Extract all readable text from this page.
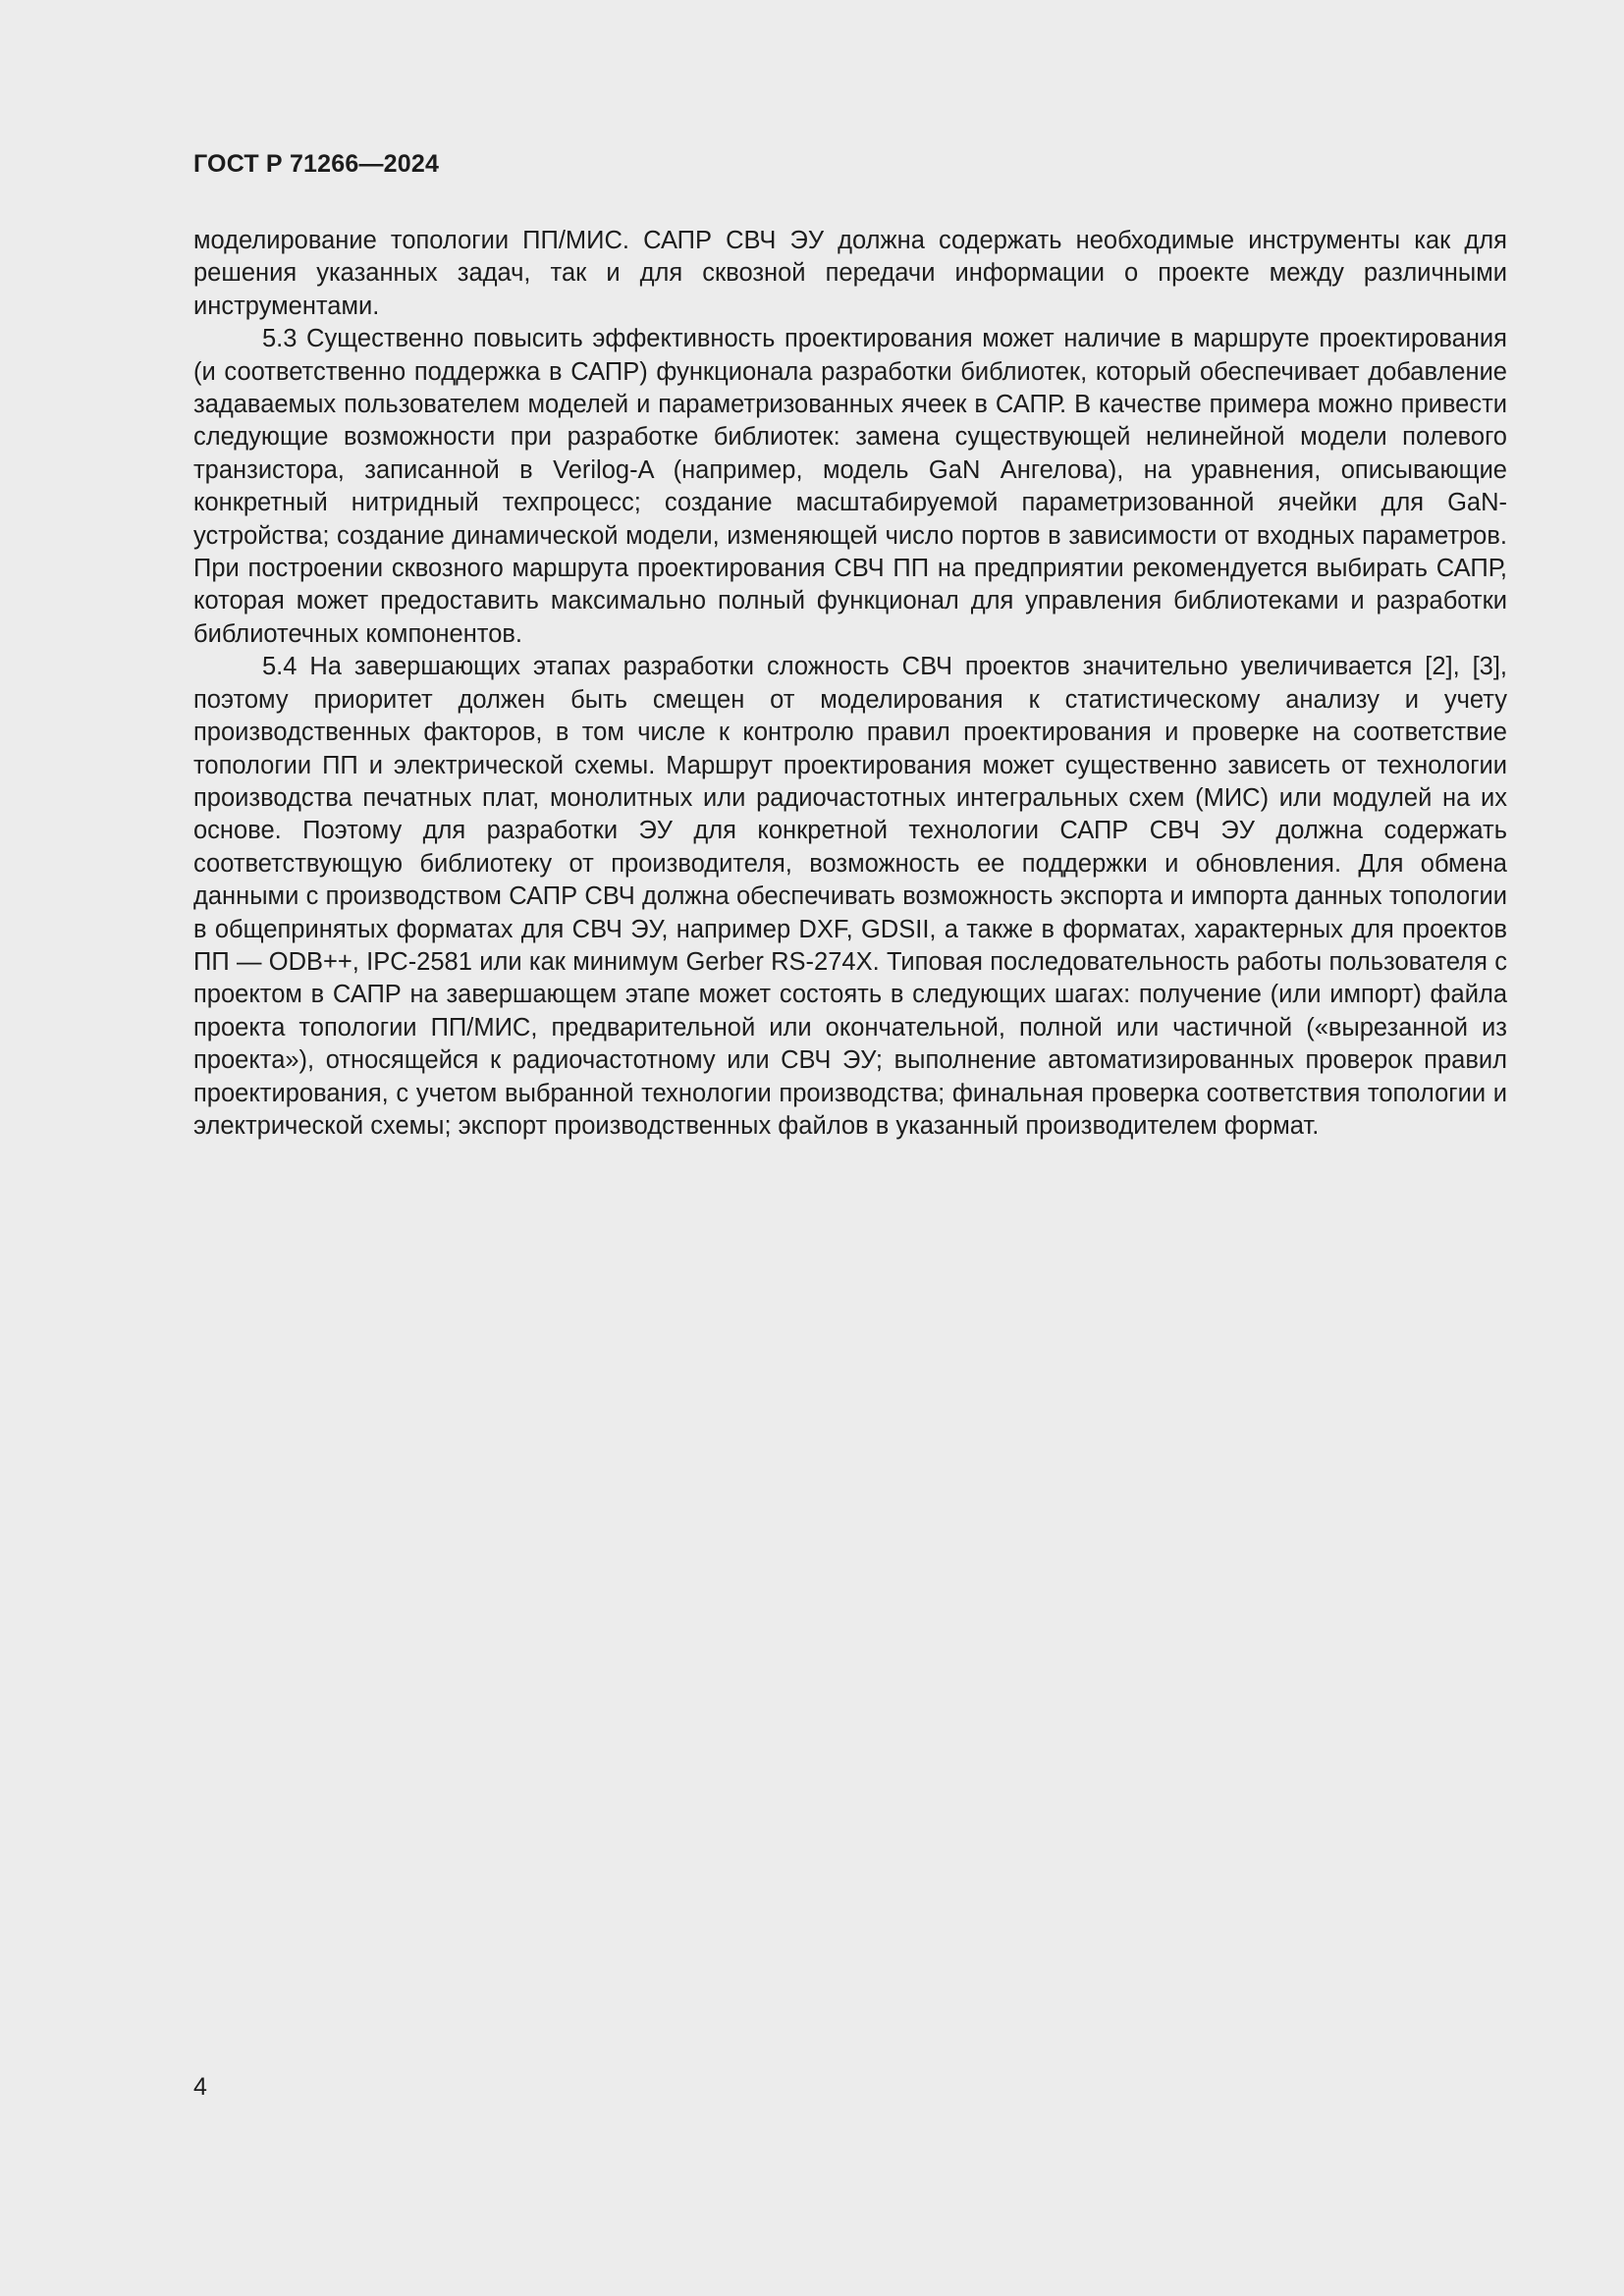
ГОСТ Р 71266—2024

моделирование топологии ПП/МИС. САПР СВЧ ЭУ должна содержать необходимые инструменты как для решения указанных задач, так и для сквозной передачи информации о проекте между различными инструментами.

5.3 Существенно повысить эффективность проектирования может наличие в маршруте проектирования (и соответственно поддержка в САПР) функционала разработки библиотек, который обеспечивает добавление задаваемых пользователем моделей и параметризованных ячеек в САПР. В качестве примера можно привести следующие возможности при разработке библиотек: замена существующей нелинейной модели полевого транзистора, записанной в Verilog-A (например, модель GaN Ангелова), на уравнения, описывающие конкретный нитридный техпроцесс; создание масштабируемой параметризованной ячейки для GaN-устройства; создание динамической модели, изменяющей число портов в зависимости от входных параметров. При построении сквозного маршрута проектирования СВЧ ПП на предприятии рекомендуется выбирать САПР, которая может предоставить максимально полный функционал для управления библиотеками и разработки библиотечных компонентов.

5.4 На завершающих этапах разработки сложность СВЧ проектов значительно увеличивается [2], [3], поэтому приоритет должен быть смещен от моделирования к статистическому анализу и учету производственных факторов, в том числе к контролю правил проектирования и проверке на соответствие топологии ПП и электрической схемы. Маршрут проектирования может существенно зависеть от технологии производства печатных плат, монолитных или радиочастотных интегральных схем (МИС) или модулей на их основе. Поэтому для разработки ЭУ для конкретной технологии САПР СВЧ ЭУ должна содержать соответствующую библиотеку от производителя, возможность ее поддержки и обновления. Для обмена данными с производством САПР СВЧ должна обеспечивать возможность экспорта и импорта данных топологии в общепринятых форматах для СВЧ ЭУ, например DXF, GDSII, а также в форматах, характерных для проектов ПП — ODB++, IPC-2581 или как минимум Gerber RS-274X. Типовая последовательность работы пользователя с проектом в САПР на завершающем этапе может состоять в следующих шагах: получение (или импорт) файла проекта топологии ПП/МИС, предварительной или окончательной, полной или частичной («вырезанной из проекта»), относящейся к радиочастотному или СВЧ ЭУ; выполнение автоматизированных проверок правил проектирования, с учетом выбранной технологии производства; финальная проверка соответствия топологии и электрической схемы; экспорт производственных файлов в указанный производителем формат.

4
